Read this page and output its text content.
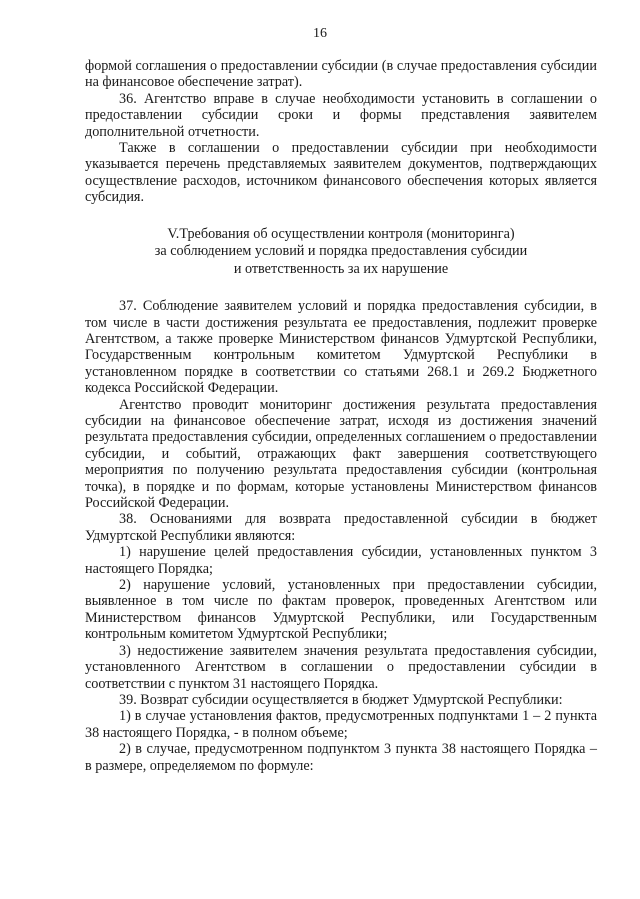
16

формой соглашения о предоставлении субсидии (в случае предоставления субсидии на финансовое обеспечение затрат).

36. Агентство вправе в случае необходимости установить в соглашении о предоставлении субсидии сроки и формы представления заявителем дополнительной отчетности.

Также в соглашении о предоставлении субсидии при необходимости указывается перечень представляемых заявителем документов, подтверждающих осуществление расходов, источником финансового обеспечения которых является субсидия.

V.Требования об осуществлении контроля (мониторинга)
за соблюдением условий и порядка предоставления субсидии
и ответственность за их нарушение

37. Соблюдение заявителем условий и порядка предоставления субсидии, в том числе в части достижения результата ее предоставления, подлежит проверке Агентством, а также проверке Министерством финансов Удмуртской Республики, Государственным контрольным комитетом Удмуртской Республики в установленном порядке в соответствии со статьями 268.1 и 269.2 Бюджетного кодекса Российской Федерации.

Агентство проводит мониторинг достижения результата предоставления субсидии на финансовое обеспечение затрат, исходя из достижения значений результата предоставления субсидии, определенных соглашением о предоставлении субсидии, и событий, отражающих факт завершения соответствующего мероприятия по получению результата предоставления субсидии (контрольная точка), в порядке и по формам, которые установлены Министерством финансов Российской Федерации.

38. Основаниями для возврата предоставленной субсидии в бюджет Удмуртской Республики являются:

1) нарушение целей предоставления субсидии, установленных пунктом 3 настоящего Порядка;

2) нарушение условий, установленных при предоставлении субсидии, выявленное в том числе по фактам проверок, проведенных Агентством или Министерством финансов Удмуртской Республики, или Государственным контрольным комитетом Удмуртской Республики;

3) недостижение заявителем значения результата предоставления субсидии, установленного Агентством в соглашении о предоставлении субсидии в соответствии с пунктом 31 настоящего Порядка.

39. Возврат субсидии осуществляется в бюджет Удмуртской Республики:

1) в случае установления фактов, предусмотренных подпунктами 1 – 2 пункта 38 настоящего Порядка, - в полном объеме;

2) в случае, предусмотренном подпунктом 3 пункта 38 настоящего Порядка – в размере, определяемом по формуле:
